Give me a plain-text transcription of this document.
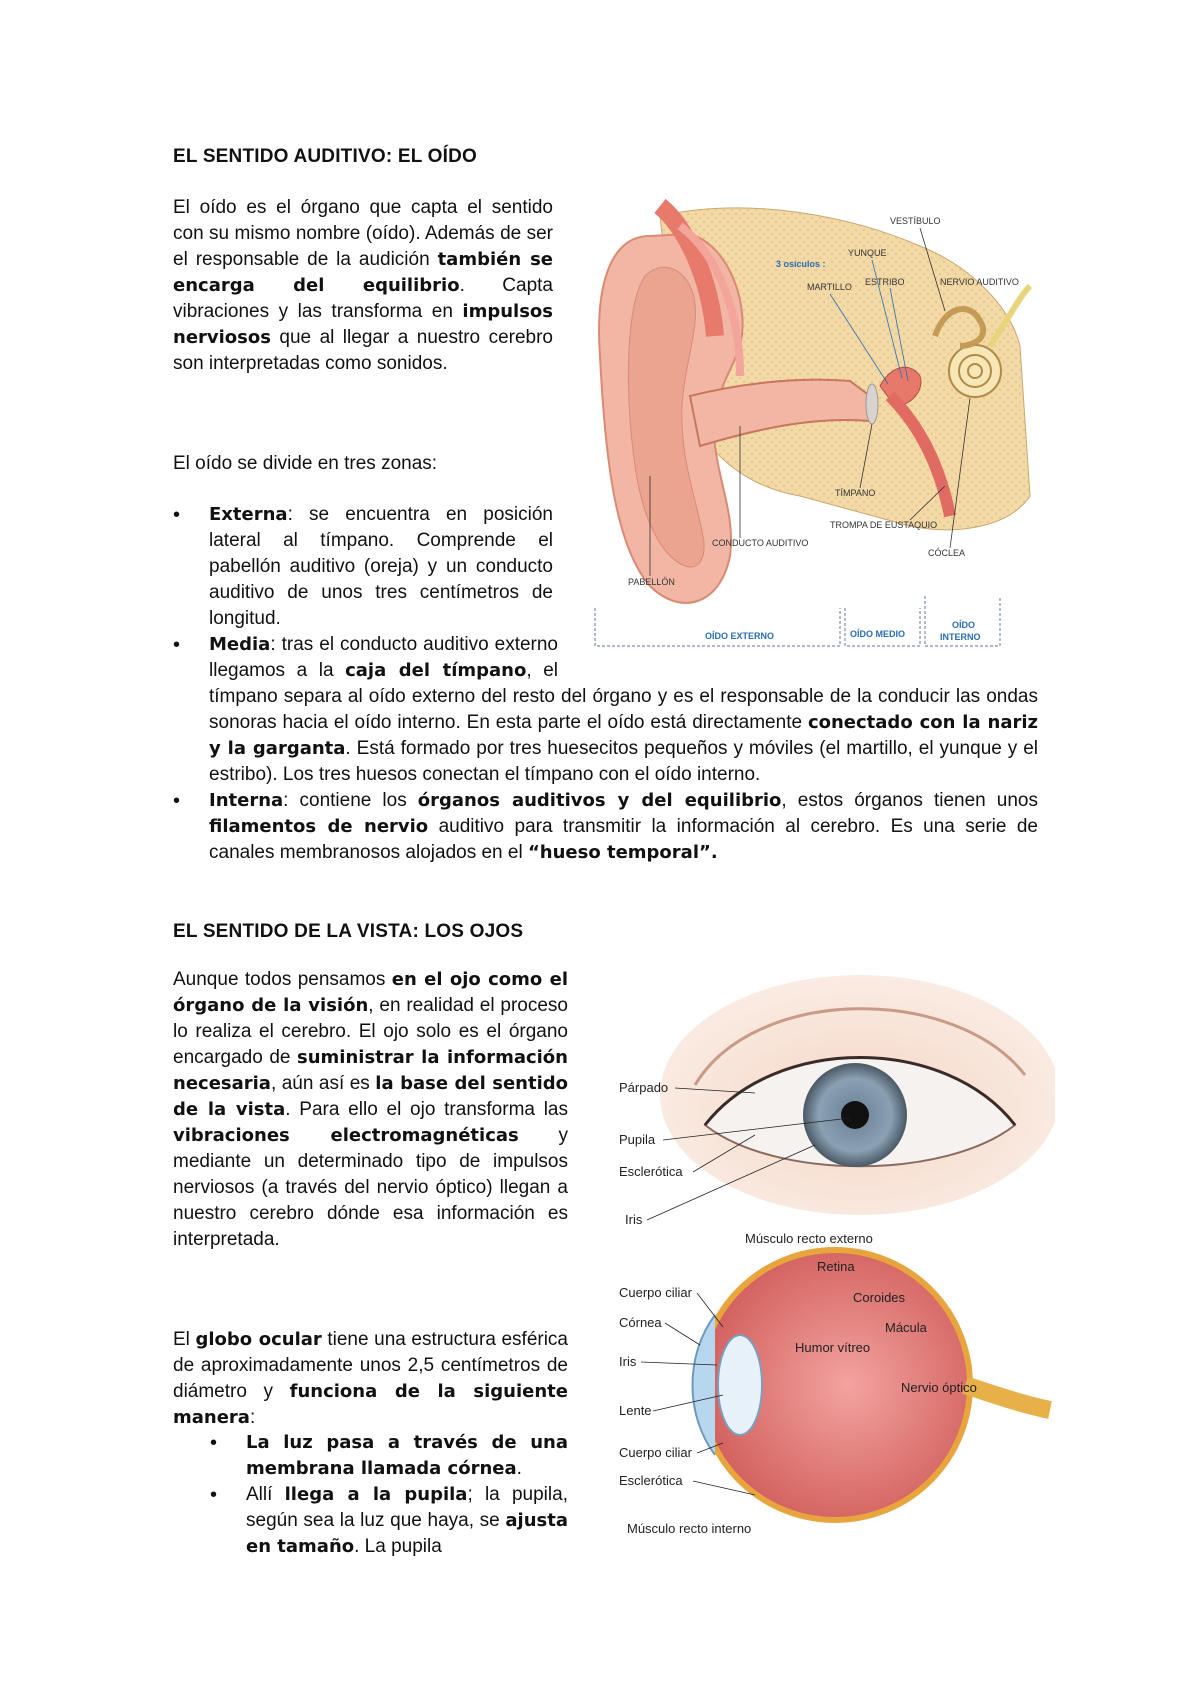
EL SENTIDO AUDITIVO: EL OÍDO

El oído es el órgano que capta el sentido con su mismo nombre (oído). Además de ser el responsable de la audición también se encarga del equilibrio. Capta vibraciones y las transforma en impulsos nerviosos que al llegar a nuestro cerebro son interpretadas como sonidos.

El oído se divide en tres zonas:

• Externa: se encuentra en posición lateral al tímpano. Comprende el pabellón auditivo (oreja) y un conducto auditivo de unos tres centímetros de longitud.
• Media: tras el conducto auditivo externo llegamos a la caja del tímpano, el tímpano separa al oído externo del resto del órgano y es el responsable de la conducir las ondas sonoras hacia el oído interno. En esta parte el oído está directamente conectado con la nariz y la garganta. Está formado por tres huesecitos pequeños y móviles (el martillo, el yunque y el estribo). Los tres huesos conectan el tímpano con el oído interno.
• Interna: contiene los órganos auditivos y del equilibrio, estos órganos tienen unos filamentos de nervio auditivo para transmitir la información al cerebro. Es una serie de canales membranosos alojados en el “hueso temporal”.
VESTÍBULO
YUNQUE
3 osículos :
MARTILLO ESTRIBO	NERVIO AUDITIVO
TÍMPANO
TROMPA DE EUSTAQUIO
CONDUCTO AUDITIVO
CÓCLEA
PABELLÓN
OÍDO EXTERNO	OÍDO MEDIO
OÍDO
INTERNO
EL SENTIDO DE LA VISTA: LOS OJOS

Aunque todos pensamos en el ojo como el órgano de la visión, en realidad el proceso lo realiza el cerebro. El ojo solo es el órgano encargado de suministrar la información necesaria, aún así es la base del sentido de la vista. Para ello el ojo transforma las vibraciones electromagnéticas y mediante un determinado tipo de impulsos nerviosos (a través del nervio óptico) llegan a nuestro cerebro dónde esa información es interpretada.

El globo ocular tiene una estructura esférica de aproximadamente unos 2,5 centímetros de diámetro y funciona de la siguiente manera:

• La luz pasa a través de una membrana llamada córnea.
• Allí llega a la pupila; la pupila, según sea la luz que haya, se ajusta en tamaño. La pupila
Párpado
Pupila
Esclerótica
Iris
Músculo recto externo
Retina
Cuerpo ciliar	Coroides
Córnea	Mácula
Humor vítreo
Iris
Nervio óptico
Lente
Cuerpo ciliar
Esclerótica
Músculo recto interno
